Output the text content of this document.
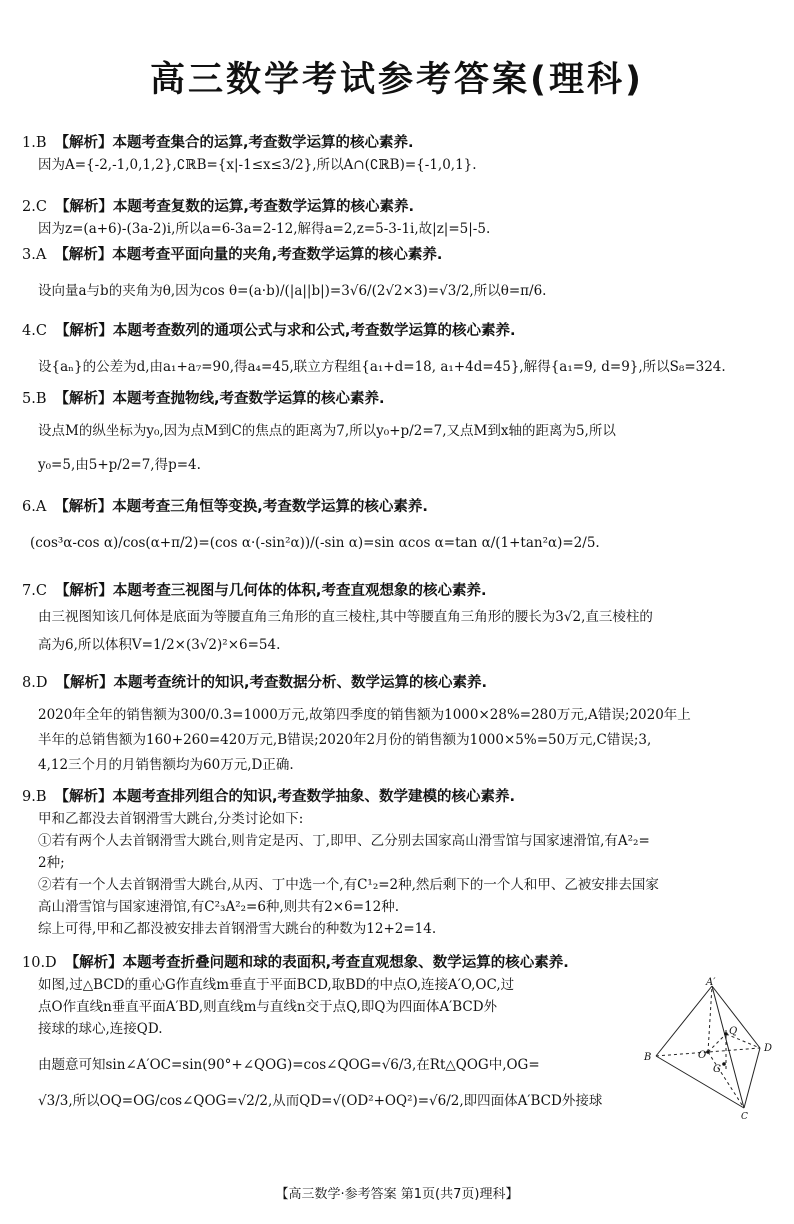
高三数学考试参考答案(理科)
1.B 【解析】本题考查集合的运算,考查数学运算的核心素养.
因为A={-2,-1,0,1,2},∁ℝB={x|-1≤x≤3/2},所以A∩(∁ℝB)={-1,0,1}.
2.C 【解析】本题考查复数的运算,考查数学运算的核心素养.
因为z=(a+6)-(3a-2)i,所以a=6-3a=2-12,解得a=2,z=5-3-1i,故|z|=5|-5.
3.A 【解析】本题考查平面向量的夹角,考查数学运算的核心素养.
设向量a与b的夹角为θ,因为cos θ=(a·b)/(|a||b|)=3√6/(2√2×3)=√3/2,所以θ=π/6.
4.C 【解析】本题考查数列的通项公式与求和公式,考查数学运算的核心素养.
设{aₙ}的公差为d,由a₁+a₇=90,得a₄=45,联立方程组{a₁+d=18, a₁+4d=45},解得{a₁=9, d=9},所以S₈=324.
5.B 【解析】本题考查抛物线,考查数学运算的核心素养.
设点M的纵坐标为y₀,因为点M到C的焦点的距离为7,所以y₀+p/2=7,又点M到x轴的距离为5,所以
y₀=5,由5+p/2=7,得p=4.
6.A 【解析】本题考查三角恒等变换,考查数学运算的核心素养.
(cos³α-cos α)/cos(α+π/2)=(cos α·(-sin²α))/(-sin α)=sin αcos α=tan α/(1+tan²α)=2/5.
7.C 【解析】本题考查三视图与几何体的体积,考查直观想象的核心素养.
由三视图知该几何体是底面为等腰直角三角形的直三棱柱,其中等腰直角三角形的腰长为3√2,直三棱柱的
高为6,所以体积V=1/2×(3√2)²×6=54.
8.D 【解析】本题考查统计的知识,考查数据分析、数学运算的核心素养.
2020年全年的销售额为300/0.3=1000万元,故第四季度的销售额为1000×28%=280万元,A错误;2020年上
半年的总销售额为160+260=420万元,B错误;2020年2月份的销售额为1000×5%=50万元,C错误;3,
4,12三个月的月销售额均为60万元,D正确.
9.B 【解析】本题考查排列组合的知识,考查数学抽象、数学建模的核心素养.
甲和乙都没去首钢滑雪大跳台,分类讨论如下:
①若有两个人去首钢滑雪大跳台,则肯定是丙、丁,即甲、乙分别去国家高山滑雪馆与国家速滑馆,有A²₂=
2种;
②若有一个人去首钢滑雪大跳台,从丙、丁中选一个,有C¹₂=2种,然后剩下的一个人和甲、乙被安排去国家
高山滑雪馆与国家速滑馆,有C²₃A²₂=6种,则共有2×6=12种.
综上可得,甲和乙都没被安排去首钢滑雪大跳台的种数为12+2=14.
10.D 【解析】本题考查折叠问题和球的表面积,考查直观想象、数学运算的核心素养.
如图,过△BCD的重心G作直线m垂直于平面BCD,取BD的中点O,连接A′O,OC,过
点O作直线n垂直平面A′BD,则直线m与直线n交于点Q,即Q为四面体A′BCD外
接球的球心,连接QD.
由题意可知sin∠A′OC=sin(90°+∠QOG)=cos∠QOG=√6/3,在Rt△QOG中,OG=
√3/3,所以OQ=OG/cos∠QOG=√2/2,从而QD=√(OD²+OQ²)=√6/2,即四面体A′BCD外接球
A′
B
C
D
O
Q
G
【高三数学·参考答案 第1页(共7页)理科】
